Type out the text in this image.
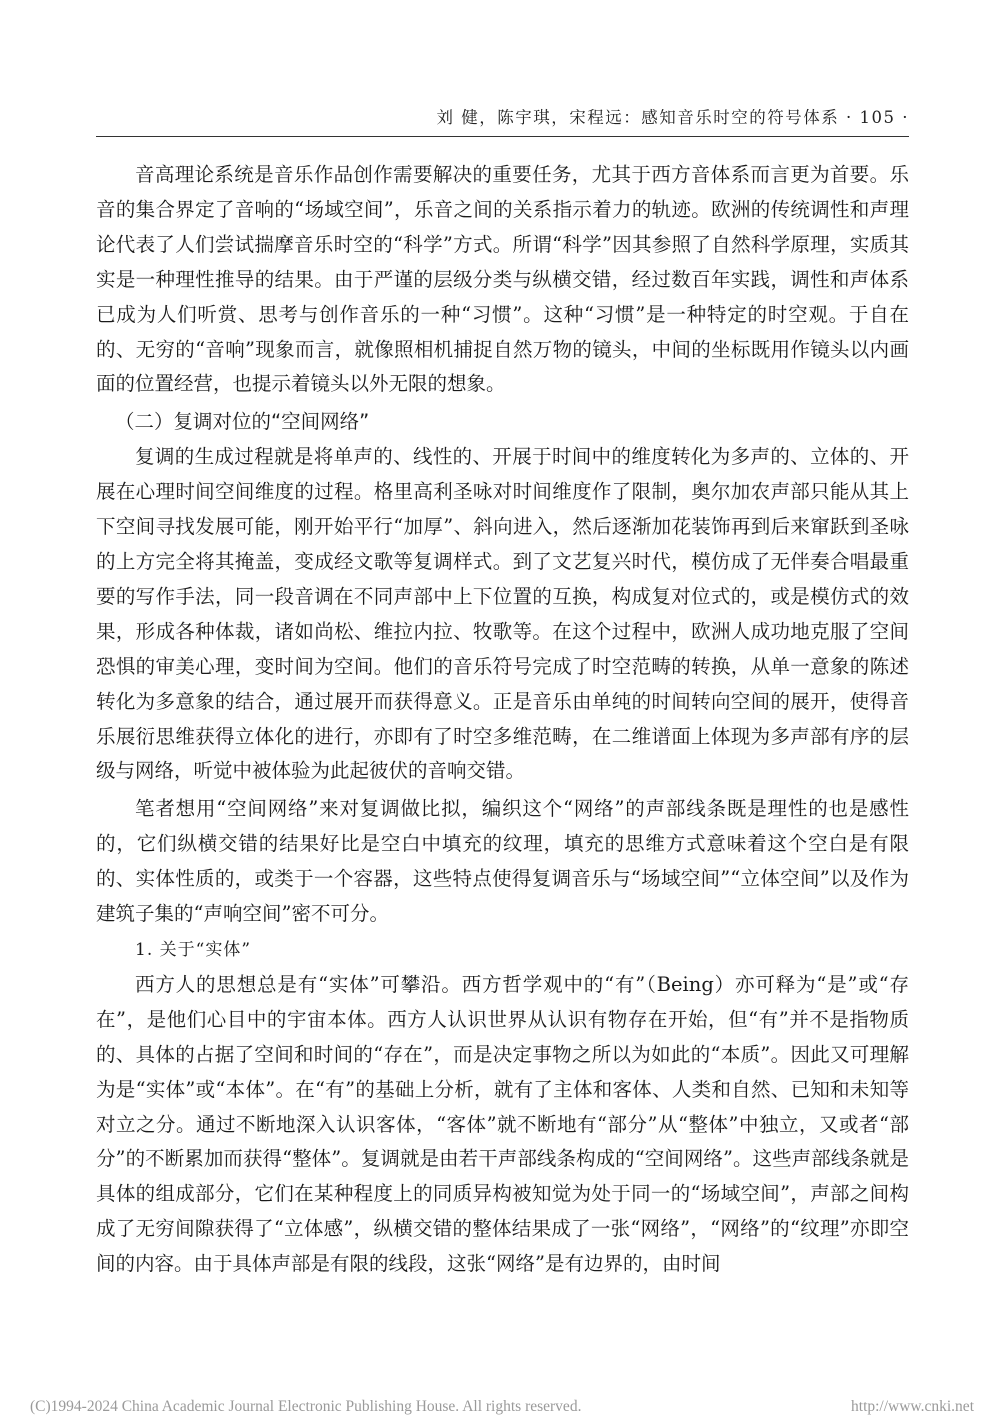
刘 健，陈宇琪，宋程远：感知音乐时空的符号体系 · 105 ·

音高理论系统是音乐作品创作需要解决的重要任务，尤其于西方音体系而言更为首要。乐音的集合界定了音响的“场域空间”，乐音之间的关系指示着力的轨迹。欧洲的传统调性和声理论代表了人们尝试揣摩音乐时空的“科学”方式。所谓“科学”因其参照了自然科学原理，实质其实是一种理性推导的结果。由于严谨的层级分类与纵横交错，经过数百年实践，调性和声体系已成为人们听赏、思考与创作音乐的一种“习惯”。这种“习惯”是一种特定的时空观。于自在的、无穷的“音响”现象而言，就像照相机捕捉自然万物的镜头，中间的坐标既用作镜头以内画面的位置经营，也提示着镜头以外无限的想象。

（二）复调对位的“空间网络”

复调的生成过程就是将单声的、线性的、开展于时间中的维度转化为多声的、立体的、开展在心理时间空间维度的过程。格里高利圣咏对时间维度作了限制，奥尔加农声部只能从其上下空间寻找发展可能，刚开始平行“加厚”、斜向进入，然后逐渐加花装饰再到后来窜跃到圣咏的上方完全将其掩盖，变成经文歌等复调样式。到了文艺复兴时代，模仿成了无伴奏合唱最重要的写作手法，同一段音调在不同声部中上下位置的互换，构成复对位式的，或是模仿式的效果，形成各种体裁，诸如尚松、维拉内拉、牧歌等。在这个过程中，欧洲人成功地克服了空间恐惧的审美心理，变时间为空间。他们的音乐符号完成了时空范畴的转换，从单一意象的陈述转化为多意象的结合，通过展开而获得意义。正是音乐由单纯的时间转向空间的展开，使得音乐展衍思维获得立体化的进行，亦即有了时空多维范畴，在二维谱面上体现为多声部有序的层级与网络，听觉中被体验为此起彼伏的音响交错。

笔者想用“空间网络”来对复调做比拟，编织这个“网络”的声部线条既是理性的也是感性的，它们纵横交错的结果好比是空白中填充的纹理，填充的思维方式意味着这个空白是有限的、实体性质的，或类于一个容器，这些特点使得复调音乐与“场域空间”“立体空间”以及作为建筑子集的“声响空间”密不可分。

1. 关于“实体”

西方人的思想总是有“实体”可攀沿。西方哲学观中的“有”（Being）亦可释为“是”或“存在”，是他们心目中的宇宙本体。西方人认识世界从认识有物存在开始，但“有”并不是指物质的、具体的占据了空间和时间的“存在”，而是决定事物之所以为如此的“本质”。因此又可理解为是“实体”或“本体”。在“有”的基础上分析，就有了主体和客体、人类和自然、已知和未知等对立之分。通过不断地深入认识客体，“客体”就不断地有“部分”从“整体”中独立，又或者“部分”的不断累加而获得“整体”。复调就是由若干声部线条构成的“空间网络”。这些声部线条就是具体的组成部分，它们在某种程度上的同质异构被知觉为处于同一的“场域空间”，声部之间构成了无穷间隙获得了“立体感”，纵横交错的整体结果成了一张“网络”，“网络”的“纹理”亦即空间的内容。由于具体声部是有限的线段，这张“网络”是有边界的，由时间

(C)1994-2024 China Academic Journal Electronic Publishing House. All rights reserved.	http://www.cnki.net
